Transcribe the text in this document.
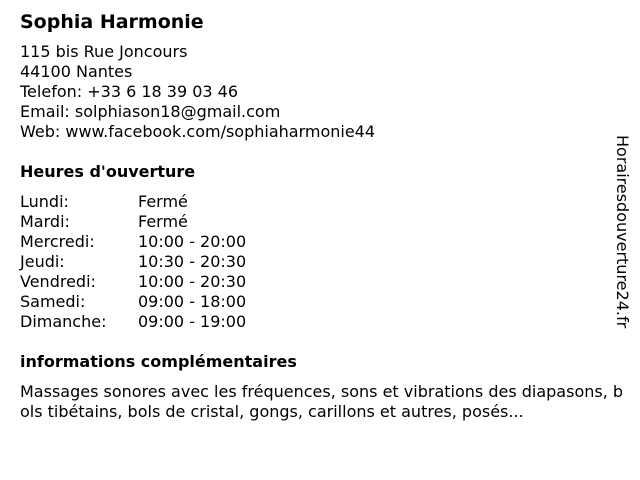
Sophia Harmonie
115 bis Rue Joncours
44100 Nantes
Telefon: +33 6 18 39 03 46
Email: solphiason18@gmail.com
Web: www.facebook.com/sophiaharmonie44
Heures d'ouverture
Lundi:	Fermé
Mardi:	Fermé
Mercredi:	10:00 - 20:00
Jeudi:	10:30 - 20:30
Vendredi:	10:00 - 20:30
Samedi:	09:00 - 18:00
Dimanche:	09:00 - 19:00
informations complémentaires
Massages sonores avec les fréquences, sons et vibrations des diapasons, bols tibétains, bols de cristal, gongs, carillons et autres, posés...
Horairesdouverture24.fr
